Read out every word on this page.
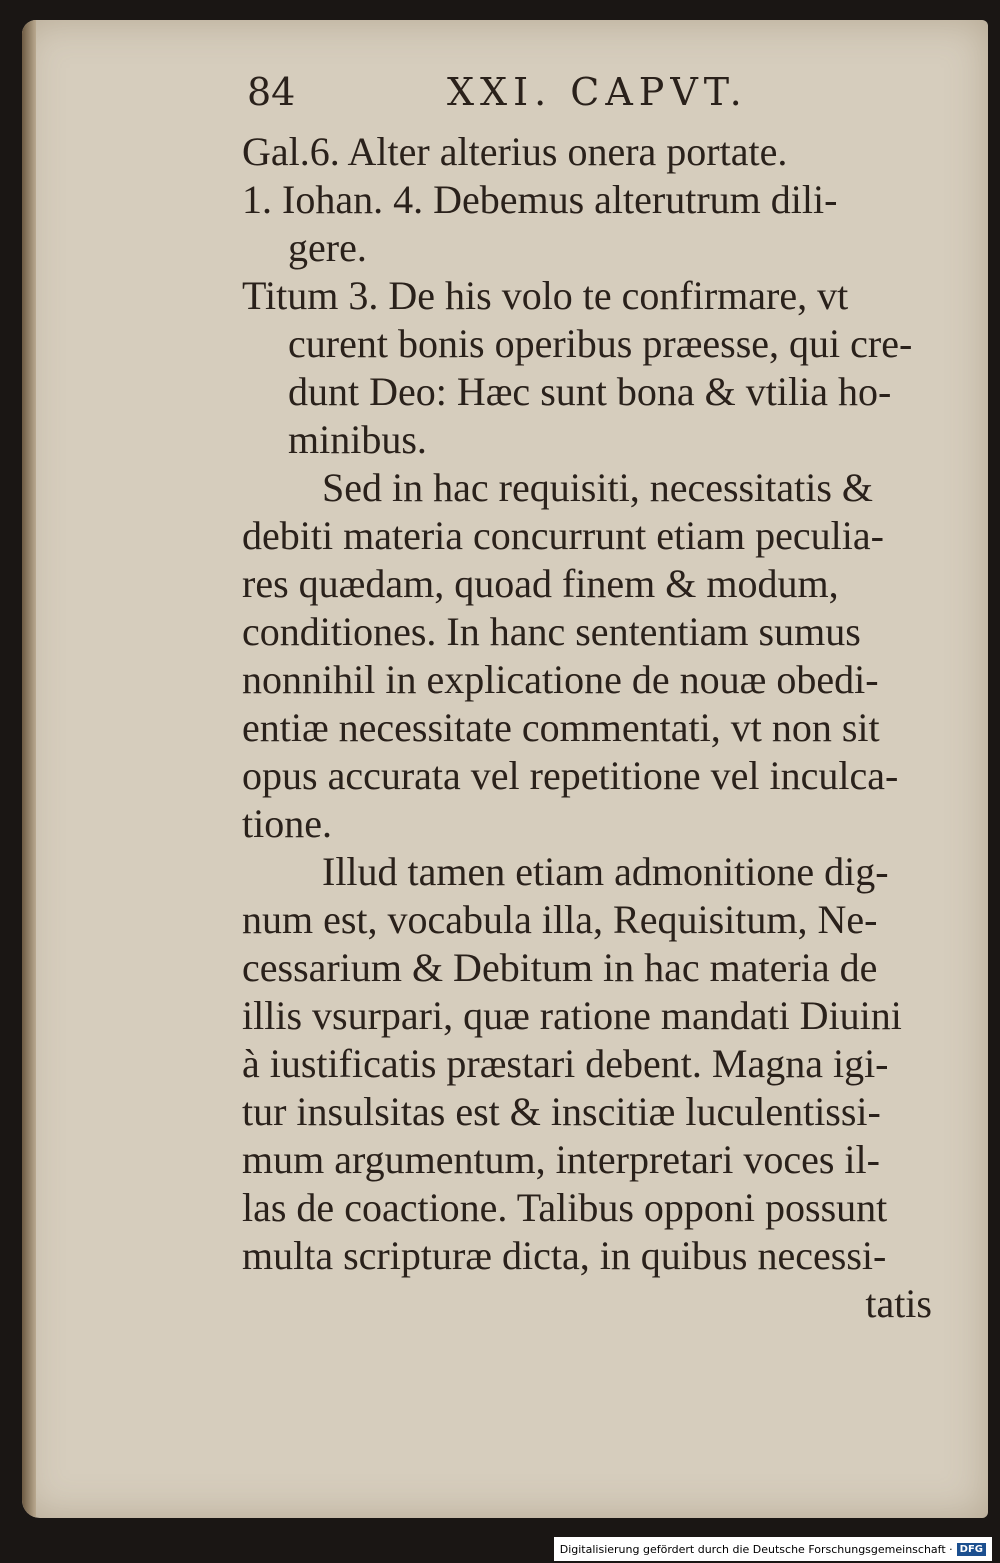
84	XXI. CAPVT.
Gal.6. Alter alterius onera portate.
1. Iohan. 4. Debemus alterutrum dili-
gere.
Titum 3. De his volo te confirmare, vt
curent bonis operibus præesse, qui cre-
dunt Deo: Hæc sunt bona & vtilia ho-
minibus.
Sed in hac requisiti, necessitatis &
debiti materia concurrunt etiam peculia-
res quædam, quoad finem & modum,
conditiones. In hanc sententiam sumus
nonnihil in explicatione de nouæ obedi-
entiæ necessitate commentati, vt non sit
opus accurata vel repetitione vel inculca-
tione.
Illud tamen etiam admonitione dig-
num est, vocabula illa, Requisitum, Ne-
cessarium & Debitum in hac materia de
illis vsurpari, quæ ratione mandati Diuini
à iustificatis præstari debent. Magna igi-
tur insulsitas est & inscitiæ luculentissi-
mum argumentum, interpretari voces il-
las de coactione. Talibus opponi possunt
multa scripturæ dicta, in quibus necessi-
tatis
Digitalisierung gefördert durch die Deutsche Forschungsgemeinschaft · DFG
